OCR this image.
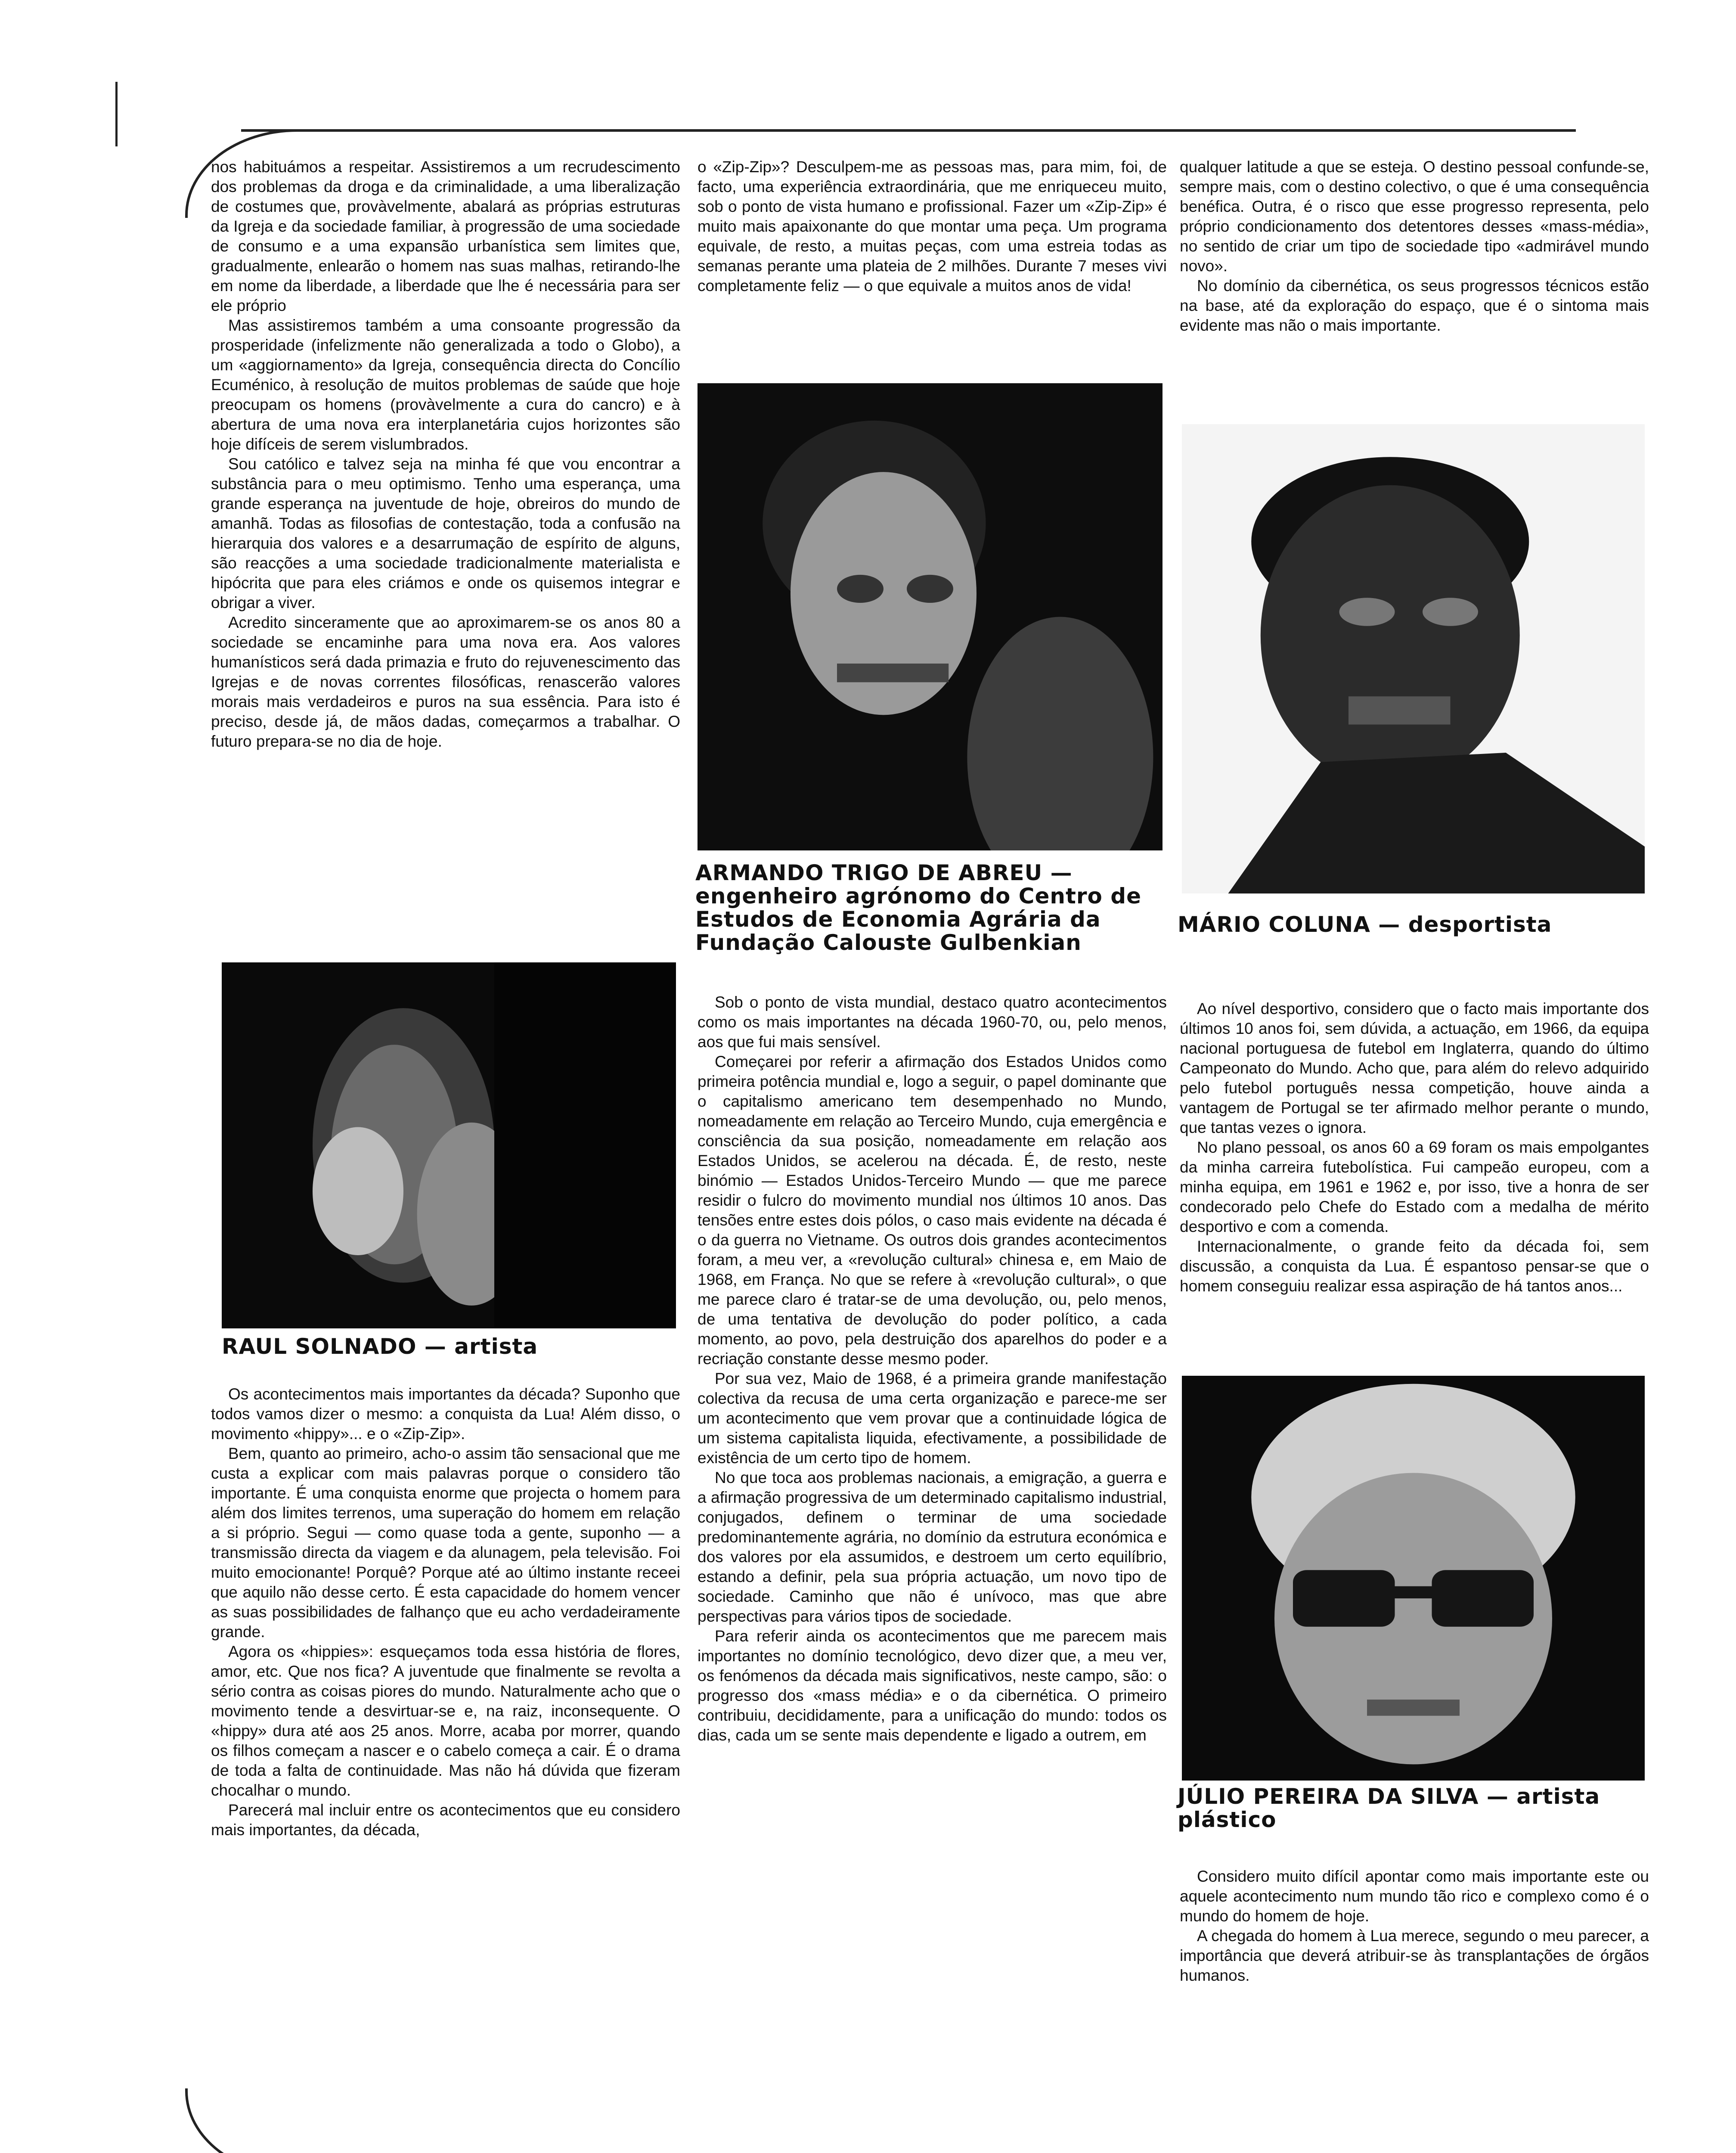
nos habituámos a respeitar. Assistiremos a um recrudescimento dos problemas da droga e da criminalidade, a uma liberalização de costumes que, provàvelmente, abalará as próprias estruturas da Igreja e da sociedade familiar, à progressão de uma sociedade de consumo e a uma expansão urbanística sem limites que, gradualmente, enlearão o homem nas suas malhas, retirando-lhe em nome da liberdade, a liberdade que lhe é necessária para ser ele próprio

Mas assistiremos também a uma consoante progressão da prosperidade (infelizmente não generalizada a todo o Globo), a um «aggiornamento» da Igreja, consequência directa do Concílio Ecuménico, à resolução de muitos problemas de saúde que hoje preocupam os homens (provàvelmente a cura do cancro) e à abertura de uma nova era interplanetária cujos horizontes são hoje difíceis de serem vislumbrados.

Sou católico e talvez seja na minha fé que vou encontrar a substância para o meu optimismo. Tenho uma esperança, uma grande esperança na juventude de hoje, obreiros do mundo de amanhã. Todas as filosofias de contestação, toda a confusão na hierarquia dos valores e a desarrumação de espírito de alguns, são reacções a uma sociedade tradicionalmente materialista e hipócrita que para eles criámos e onde os quisemos integrar e obrigar a viver.

Acredito sinceramente que ao aproximarem-se os anos 80 a sociedade se encaminhe para uma nova era. Aos valores humanísticos será dada primazia e fruto do rejuvenescimento das Igrejas e de novas correntes filosóficas, renascerão valores morais mais verdadeiros e puros na sua essência. Para isto é preciso, desde já, de mãos dadas, começarmos a trabalhar. O futuro prepara-se no dia de hoje.

RAUL SOLNADO — artista

Os acontecimentos mais importantes da década? Suponho que todos vamos dizer o mesmo: a conquista da Lua! Além disso, o movimento «hippy»... e o «Zip-Zip».

Bem, quanto ao primeiro, acho-o assim tão sensacional que me custa a explicar com mais palavras porque o considero tão importante. É uma conquista enorme que projecta o homem para além dos limites terrenos, uma superação do homem em relação a si próprio. Segui — como quase toda a gente, suponho — a transmissão directa da viagem e da alunagem, pela televisão. Foi muito emocionante! Porquê? Porque até ao último instante receei que aquilo não desse certo. É esta capacidade do homem vencer as suas possibilidades de falhanço que eu acho verdadeiramente grande.

Agora os «hippies»: esqueçamos toda essa história de flores, amor, etc. Que nos fica? A juventude que finalmente se revolta a sério contra as coisas piores do mundo. Naturalmente acho que o movimento tende a desvirtuar-se e, na raiz, inconsequente. O «hippy» dura até aos 25 anos. Morre, acaba por morrer, quando os filhos começam a nascer e o cabelo começa a cair. É o drama de toda a falta de continuidade. Mas não há dúvida que fizeram chocalhar o mundo.

Parecerá mal incluir entre os acontecimentos que eu considero mais importantes, da década,

o «Zip-Zip»? Desculpem-me as pessoas mas, para mim, foi, de facto, uma experiência extraordinária, que me enriqueceu muito, sob o ponto de vista humano e profissional. Fazer um «Zip-Zip» é muito mais apaixonante do que montar uma peça. Um programa equivale, de resto, a muitas peças, com uma estreia todas as semanas perante uma plateia de 2 milhões. Durante 7 meses vivi completamente feliz — o que equivale a muitos anos de vida!

ARMANDO TRIGO DE ABREU — engenheiro agrónomo do Centro de Estudos de Economia Agrária da Fundação Calouste Gulbenkian

Sob o ponto de vista mundial, destaco quatro acontecimentos como os mais importantes na década 1960-70, ou, pelo menos, aos que fui mais sensível.

Começarei por referir a afirmação dos Estados Unidos como primeira potência mundial e, logo a seguir, o papel dominante que o capitalismo americano tem desempenhado no Mundo, nomeadamente em relação ao Terceiro Mundo, cuja emergência e consciência da sua posição, nomeadamente em relação aos Estados Unidos, se acelerou na década. É, de resto, neste binómio — Estados Unidos-Terceiro Mundo — que me parece residir o fulcro do movimento mundial nos últimos 10 anos. Das tensões entre estes dois pólos, o caso mais evidente na década é o da guerra no Vietname. Os outros dois grandes acontecimentos foram, a meu ver, a «revolução cultural» chinesa e, em Maio de 1968, em França. No que se refere à «revolução cultural», o que me parece claro é tratar-se de uma devolução, ou, pelo menos, de uma tentativa de devolução do poder político, a cada momento, ao povo, pela destruição dos aparelhos do poder e a recriação constante desse mesmo poder.

Por sua vez, Maio de 1968, é a primeira grande manifestação colectiva da recusa de uma certa organização e parece-me ser um acontecimento que vem provar que a continuidade lógica de um sistema capitalista liquida, efectivamente, a possibilidade de existência de um certo tipo de homem.

No que toca aos problemas nacionais, a emigração, a guerra e a afirmação progressiva de um determinado capitalismo industrial, conjugados, definem o terminar de uma sociedade predominantemente agrária, no domínio da estrutura económica e dos valores por ela assumidos, e destroem um certo equilíbrio, estando a definir, pela sua própria actuação, um novo tipo de sociedade. Caminho que não é unívoco, mas que abre perspectivas para vários tipos de sociedade.

Para referir ainda os acontecimentos que me parecem mais importantes no domínio tecnológico, devo dizer que, a meu ver, os fenómenos da década mais significativos, neste campo, são: o progresso dos «mass média» e o da cibernética. O primeiro contribuiu, decididamente, para a unificação do mundo: todos os dias, cada um se sente mais dependente e ligado a outrem, em

qualquer latitude a que se esteja. O destino pessoal confunde-se, sempre mais, com o destino colectivo, o que é uma consequência benéfica. Outra, é o risco que esse progresso representa, pelo próprio condicionamento dos detentores desses «mass-média», no sentido de criar um tipo de sociedade tipo «admirável mundo novo».

No domínio da cibernética, os seus progressos técnicos estão na base, até da exploração do espaço, que é o sintoma mais evidente mas não o mais importante.

MÁRIO COLUNA — desportista

Ao nível desportivo, considero que o facto mais importante dos últimos 10 anos foi, sem dúvida, a actuação, em 1966, da equipa nacional portuguesa de futebol em Inglaterra, quando do último Campeonato do Mundo. Acho que, para além do relevo adquirido pelo futebol português nessa competição, houve ainda a vantagem de Portugal se ter afirmado melhor perante o mundo, que tantas vezes o ignora.

No plano pessoal, os anos 60 a 69 foram os mais empolgantes da minha carreira futebolística. Fui campeão europeu, com a minha equipa, em 1961 e 1962 e, por isso, tive a honra de ser condecorado pelo Chefe do Estado com a medalha de mérito desportivo e com a comenda.

Internacionalmente, o grande feito da década foi, sem discussão, a conquista da Lua. É espantoso pensar-se que o homem conseguiu realizar essa aspiração de há tantos anos...

JÚLIO PEREIRA DA SILVA — artista plástico

Considero muito difícil apontar como mais importante este ou aquele acontecimento num mundo tão rico e complexo como é o mundo do homem de hoje.

A chegada do homem à Lua merece, segundo o meu parecer, a importância que deverá atribuir-se às transplantações de órgãos humanos.
